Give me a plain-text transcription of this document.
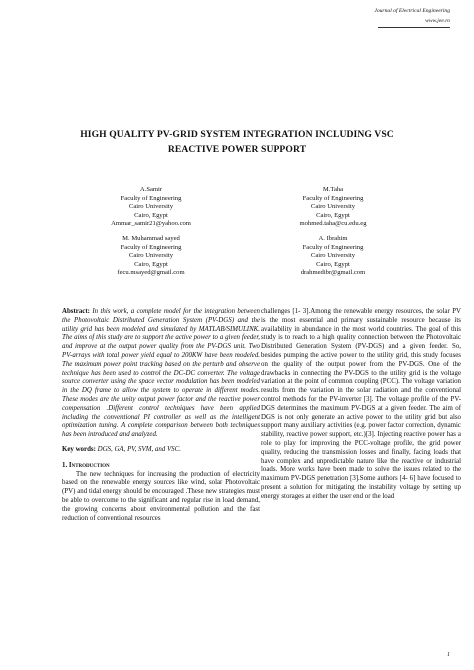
Journal of Electrical Engineering
www.jee.ro
HIGH QUALITY PV-GRID SYSTEM INTEGRATION INCLUDING VSC
REACTIVE POWER SUPPORT
A.Samir
Faculty of Engineering
Cairo University
Cairo, Egypt
Ammar_samir21@yahoo.com
M.Taha
Faculty of Engineering
Cairo University
Cairo, Egypt
mohmed.taha@cu.edu.eg
M. Muhammad sayed
Faculty of Engineering
Cairo University
Cairo, Egypt
fecu.msayed@gmail.com
A. Ibrahim
Faculty of Engineering
Cairo University
Cairo, Egypt
drahmedibr@gmail.com
Abstract: In this work, a complete model for the integration between the Photovoltaic Distributed Generation System (PV-DGS) and the utility grid has been modeled and simulated by MATLAB/SIMULINK. The aims of this study are to support the active power to a given feeder, and improve at the output power quality from the PV-DGS unit. Two PV-arrays with total power yield equal to 200KW have been modeled. The maximum power point tracking based on the perturb and observe technique has been used to control the DC-DC converter. The voltage source converter using the space vector modulation has been modeled in the DQ frame to allow the system to operate in different modes. These modes are the unity output power factor and the reactive power compensation .Different control techniques have been applied including the conventional PI controller as well as the intelligent optimization tuning. A complete comparison between both techniques has been introduced and analyzed.
Key words: DGS, GA, PV, SVM, and VSC.
1. Introduction
The new techniques for increasing the production of electricity based on the renewable energy sources like wind, solar Photovoltaic (PV) and tidal energy should be encouraged .These new strategies must be able to overcome to the significant and regular rise in load demand, the growing concerns about environmental pollution and the fast reduction of conventional resources
challenges [1- 3].Among the renewable energy resources, the solar PV is the most essential and primary sustainable resource because its availability in abundance in the most world countries. The goal of this study is to reach to a high quality connection between the Photovoltaic Distributed Generation System (PV-DGS) and a given feeder. So, besides pumping the active power to the utility grid, this study focuses on the quality of the output power from the PV-DGS. One of the drawbacks in connecting the PV-DGS to the utility grid is the voltage variation at the point of common coupling (PCC). The voltage variation results from the variation in the solar radiation and the conventional control methods for the PV-inverter [3]. The voltage profile of the PV-DGS determines the maximum PV-DGS at a given feeder. The aim of DGS is not only generate an active power to the utility grid but also support many auxiliary activities (e.g. power factor correction, dynamic stability, reactive power support, etc.)[3]. Injecting reactive power has a role to play for improving the PCC-voltage profile, the grid power quality, reducing the transmission losses and finally, facing loads that have complex and unpredictable nature like the reactive or industrial loads. More works have been made to solve the issues related to the maximum PV-DGS penetration [3].Some authors [4- 6] have focused to present a solution for mitigating the instability voltage by setting up energy storages at either the user end or the load
1
